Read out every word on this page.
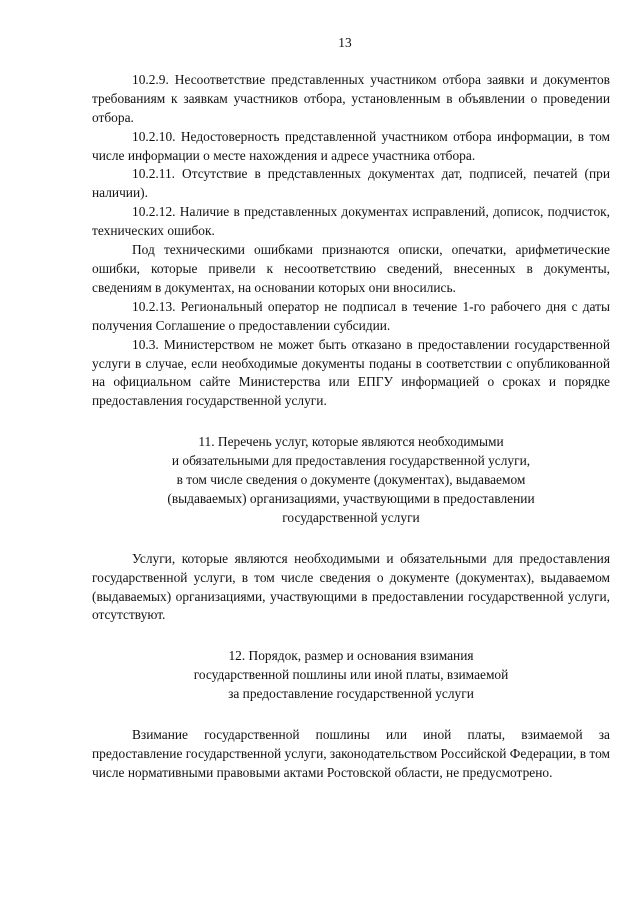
13

10.2.9. Несоответствие представленных участником отбора заявки и документов требованиям к заявкам участников отбора, установленным в объявлении о проведении отбора.

10.2.10. Недостоверность представленной участником отбора информации, в том числе информации о месте нахождения и адресе участника отбора.

10.2.11. Отсутствие в представленных документах дат, подписей, печатей (при наличии).

10.2.12. Наличие в представленных документах исправлений, дописок, подчисток, технических ошибок.

Под техническими ошибками признаются описки, опечатки, арифметические ошибки, которые привели к несоответствию сведений, внесенных в документы, сведениям в документах, на основании которых они вносились.

10.2.13. Региональный оператор не подписал в течение 1-го рабочего дня с даты получения Соглашение о предоставлении субсидии.

10.3. Министерством не может быть отказано в предоставлении государственной услуги в случае, если необходимые документы поданы в соответствии с опубликованной на официальном сайте Министерства или ЕПГУ информацией о сроках и порядке предоставления государственной услуги.

11. Перечень услуг, которые являются необходимыми
и обязательными для предоставления государственной услуги,
в том числе сведения о документе (документах), выдаваемом
(выдаваемых) организациями, участвующими в предоставлении
государственной услуги

Услуги, которые являются необходимыми и обязательными для предоставления государственной услуги, в том числе сведения о документе (документах), выдаваемом (выдаваемых) организациями, участвующими в предоставлении государственной услуги, отсутствуют.

12. Порядок, размер и основания взимания
государственной пошлины или иной платы, взимаемой
за предоставление государственной услуги

Взимание государственной пошлины или иной платы, взимаемой за предоставление государственной услуги, законодательством Российской Федерации, в том числе нормативными правовыми актами Ростовской области, не предусмотрено.
